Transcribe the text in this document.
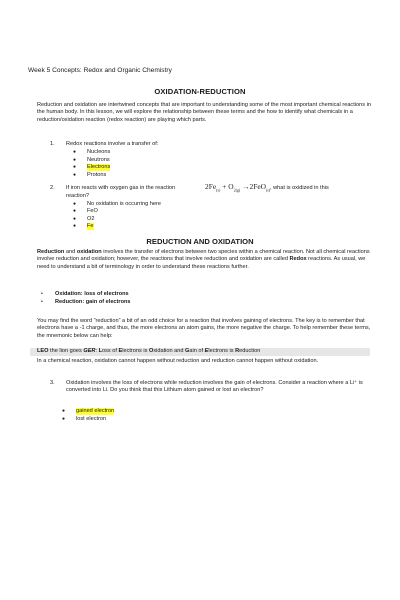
Week 5 Concepts: Redox and Organic Chemistry
OXIDATION-REDUCTION
Reduction and oxidation are intertwined concepts that are important to understanding some of the most important chemical reactions in the human body. In this lesson, we will explore the relationship between these terms and the how to identify what chemicals in a reduction/oxidation reaction (redox reaction) are playing which parts.
1. Redox reactions involve a transfer of:
● Nucleons
● Neutrons
● Electrons
● Protons
2. If iron reacts with oxygen gas in the reaction
reaction?
● No oxidation is occurring here
● FeO
● O2
● Fe
$2Fe_{(s)} + O_{2(g)} \to 2FeO_{(s)}$ , what is oxidized in this
REDUCTION AND OXIDATION
Reduction and oxidation involves the transfer of electrons between two species within a chemical reaction. Not all chemical reactions involve reduction and oxidation; however, the reactions that involve reduction and oxidation are called Redox reactions. As usual, we need to understand a bit of terminology in order to understand these reactions further.
• Oxidation: loss of electrons
• Reduction: gain of electrons
You may find the word “reduction” a bit of an odd choice for a reaction that involves gaining of electrons. The key is to remember that electrons have a -1 charge, and thus, the more electrons an atom gains, the more negative the charge. To help remember these terms, the mnemonic below can help:
LEO the lion goes GER: Loss of Electrons is Oxidation and Gain of Electrons is Reduction
In a chemical reaction, oxidation cannot happen without reduction and reduction cannot happen without oxidation.
3. Oxidation involves the loss of electrons while reduction involves the gain of electrons. Consider a reaction where a Li⁺ is converted into Li. Do you think that this Lithium atom gained or lost an electron?
● gained electron
● lost electron
